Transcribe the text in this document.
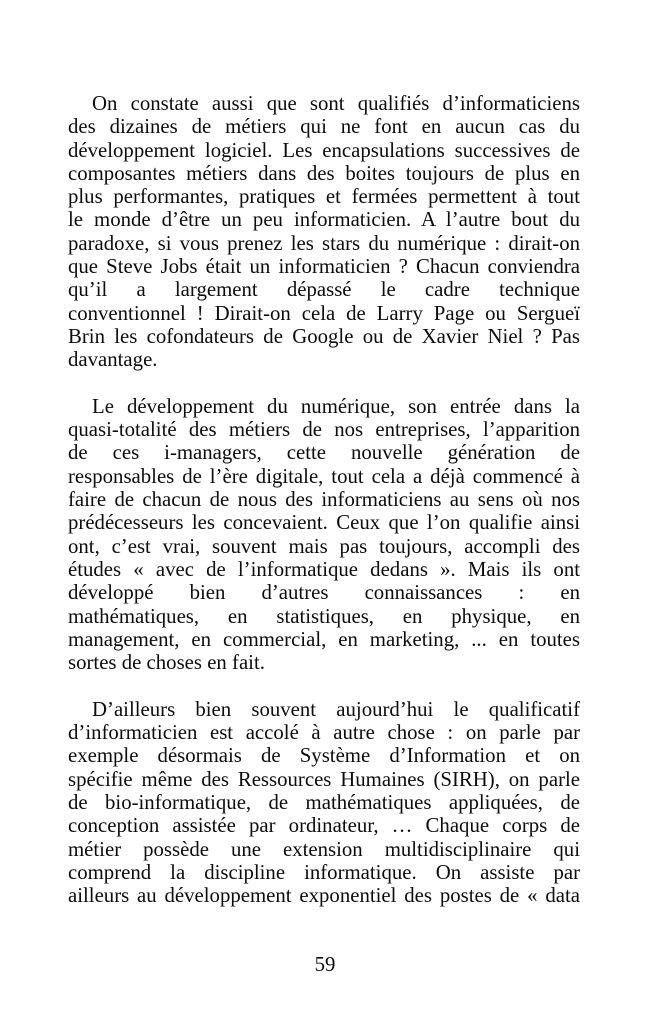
On constate aussi que sont qualifiés d’informaticiens
des dizaines de métiers qui ne font en aucun cas du
développement logiciel. Les encapsulations successives de
composantes métiers dans des boites toujours de plus en
plus performantes, pratiques et fermées permettent à tout
le monde d’être un peu informaticien. A l’autre bout du
paradoxe, si vous prenez les stars du numérique : dirait-on
que Steve Jobs était un informaticien ? Chacun conviendra
qu’il a largement dépassé le cadre technique
conventionnel ! Dirait-on cela de Larry Page ou Sergueï
Brin les cofondateurs de Google ou de Xavier Niel ? Pas
davantage.
Le développement du numérique, son entrée dans la
quasi-totalité des métiers de nos entreprises, l’apparition
de ces i-managers, cette nouvelle génération de
responsables de l’ère digitale, tout cela a déjà commencé à
faire de chacun de nous des informaticiens au sens où nos
prédécesseurs les concevaient. Ceux que l’on qualifie ainsi
ont, c’est vrai, souvent mais pas toujours, accompli des
études « avec de l’informatique dedans ». Mais ils ont
développé bien d’autres connaissances : en
mathématiques, en statistiques, en physique, en
management, en commercial, en marketing, ... en toutes
sortes de choses en fait.
D’ailleurs bien souvent aujourd’hui le qualificatif
d’informaticien est accolé à autre chose : on parle par
exemple désormais de Système d’Information et on
spécifie même des Ressources Humaines (SIRH), on parle
de bio-informatique, de mathématiques appliquées, de
conception assistée par ordinateur, … Chaque corps de
métier possède une extension multidisciplinaire qui
comprend la discipline informatique. On assiste par
ailleurs au développement exponentiel des postes de « data
59
